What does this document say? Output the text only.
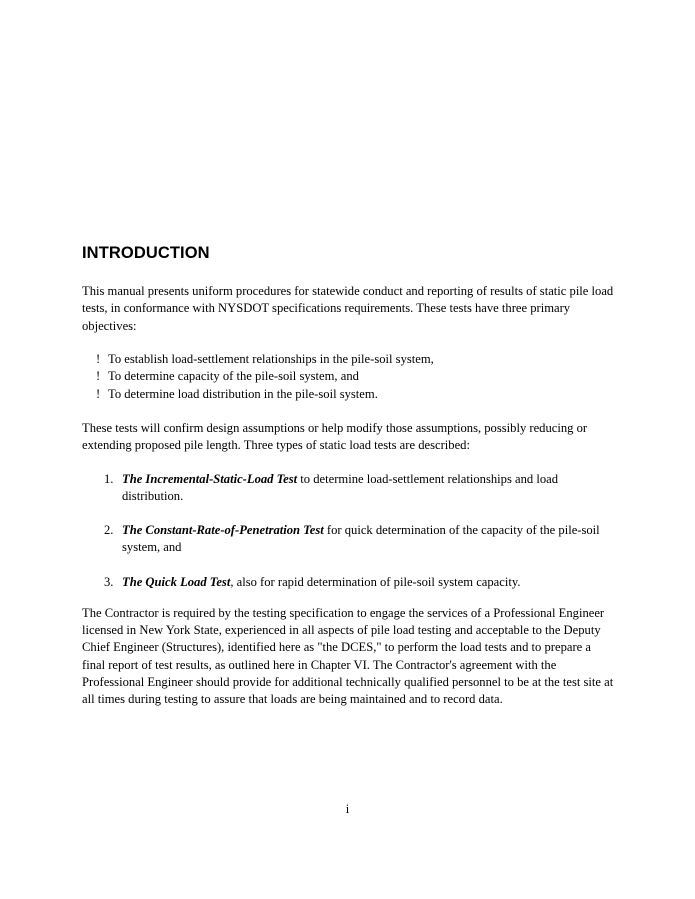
INTRODUCTION

This manual presents uniform procedures for statewide conduct and reporting of results of static pile load tests, in conformance with NYSDOT specifications requirements. These tests have three primary objectives:

! To establish load-settlement relationships in the pile-soil system,
! To determine capacity of the pile-soil system, and
! To determine load distribution in the pile-soil system.

These tests will confirm design assumptions or help modify those assumptions, possibly reducing or extending proposed pile length. Three types of static load tests are described:

1. The Incremental-Static-Load Test to determine load-settlement relationships and load distribution.
2. The Constant-Rate-of-Penetration Test for quick determination of the capacity of the pile-soil system, and
3. The Quick Load Test, also for rapid determination of pile-soil system capacity.

The Contractor is required by the testing specification to engage the services of a Professional Engineer licensed in New York State, experienced in all aspects of pile load testing and acceptable to the Deputy Chief Engineer (Structures), identified here as "the DCES," to perform the load tests and to prepare a final report of test results, as outlined here in Chapter VI. The Contractor's agreement with the Professional Engineer should provide for additional technically qualified personnel to be at the test site at all times during testing to assure that loads are being maintained and to record data.

i
